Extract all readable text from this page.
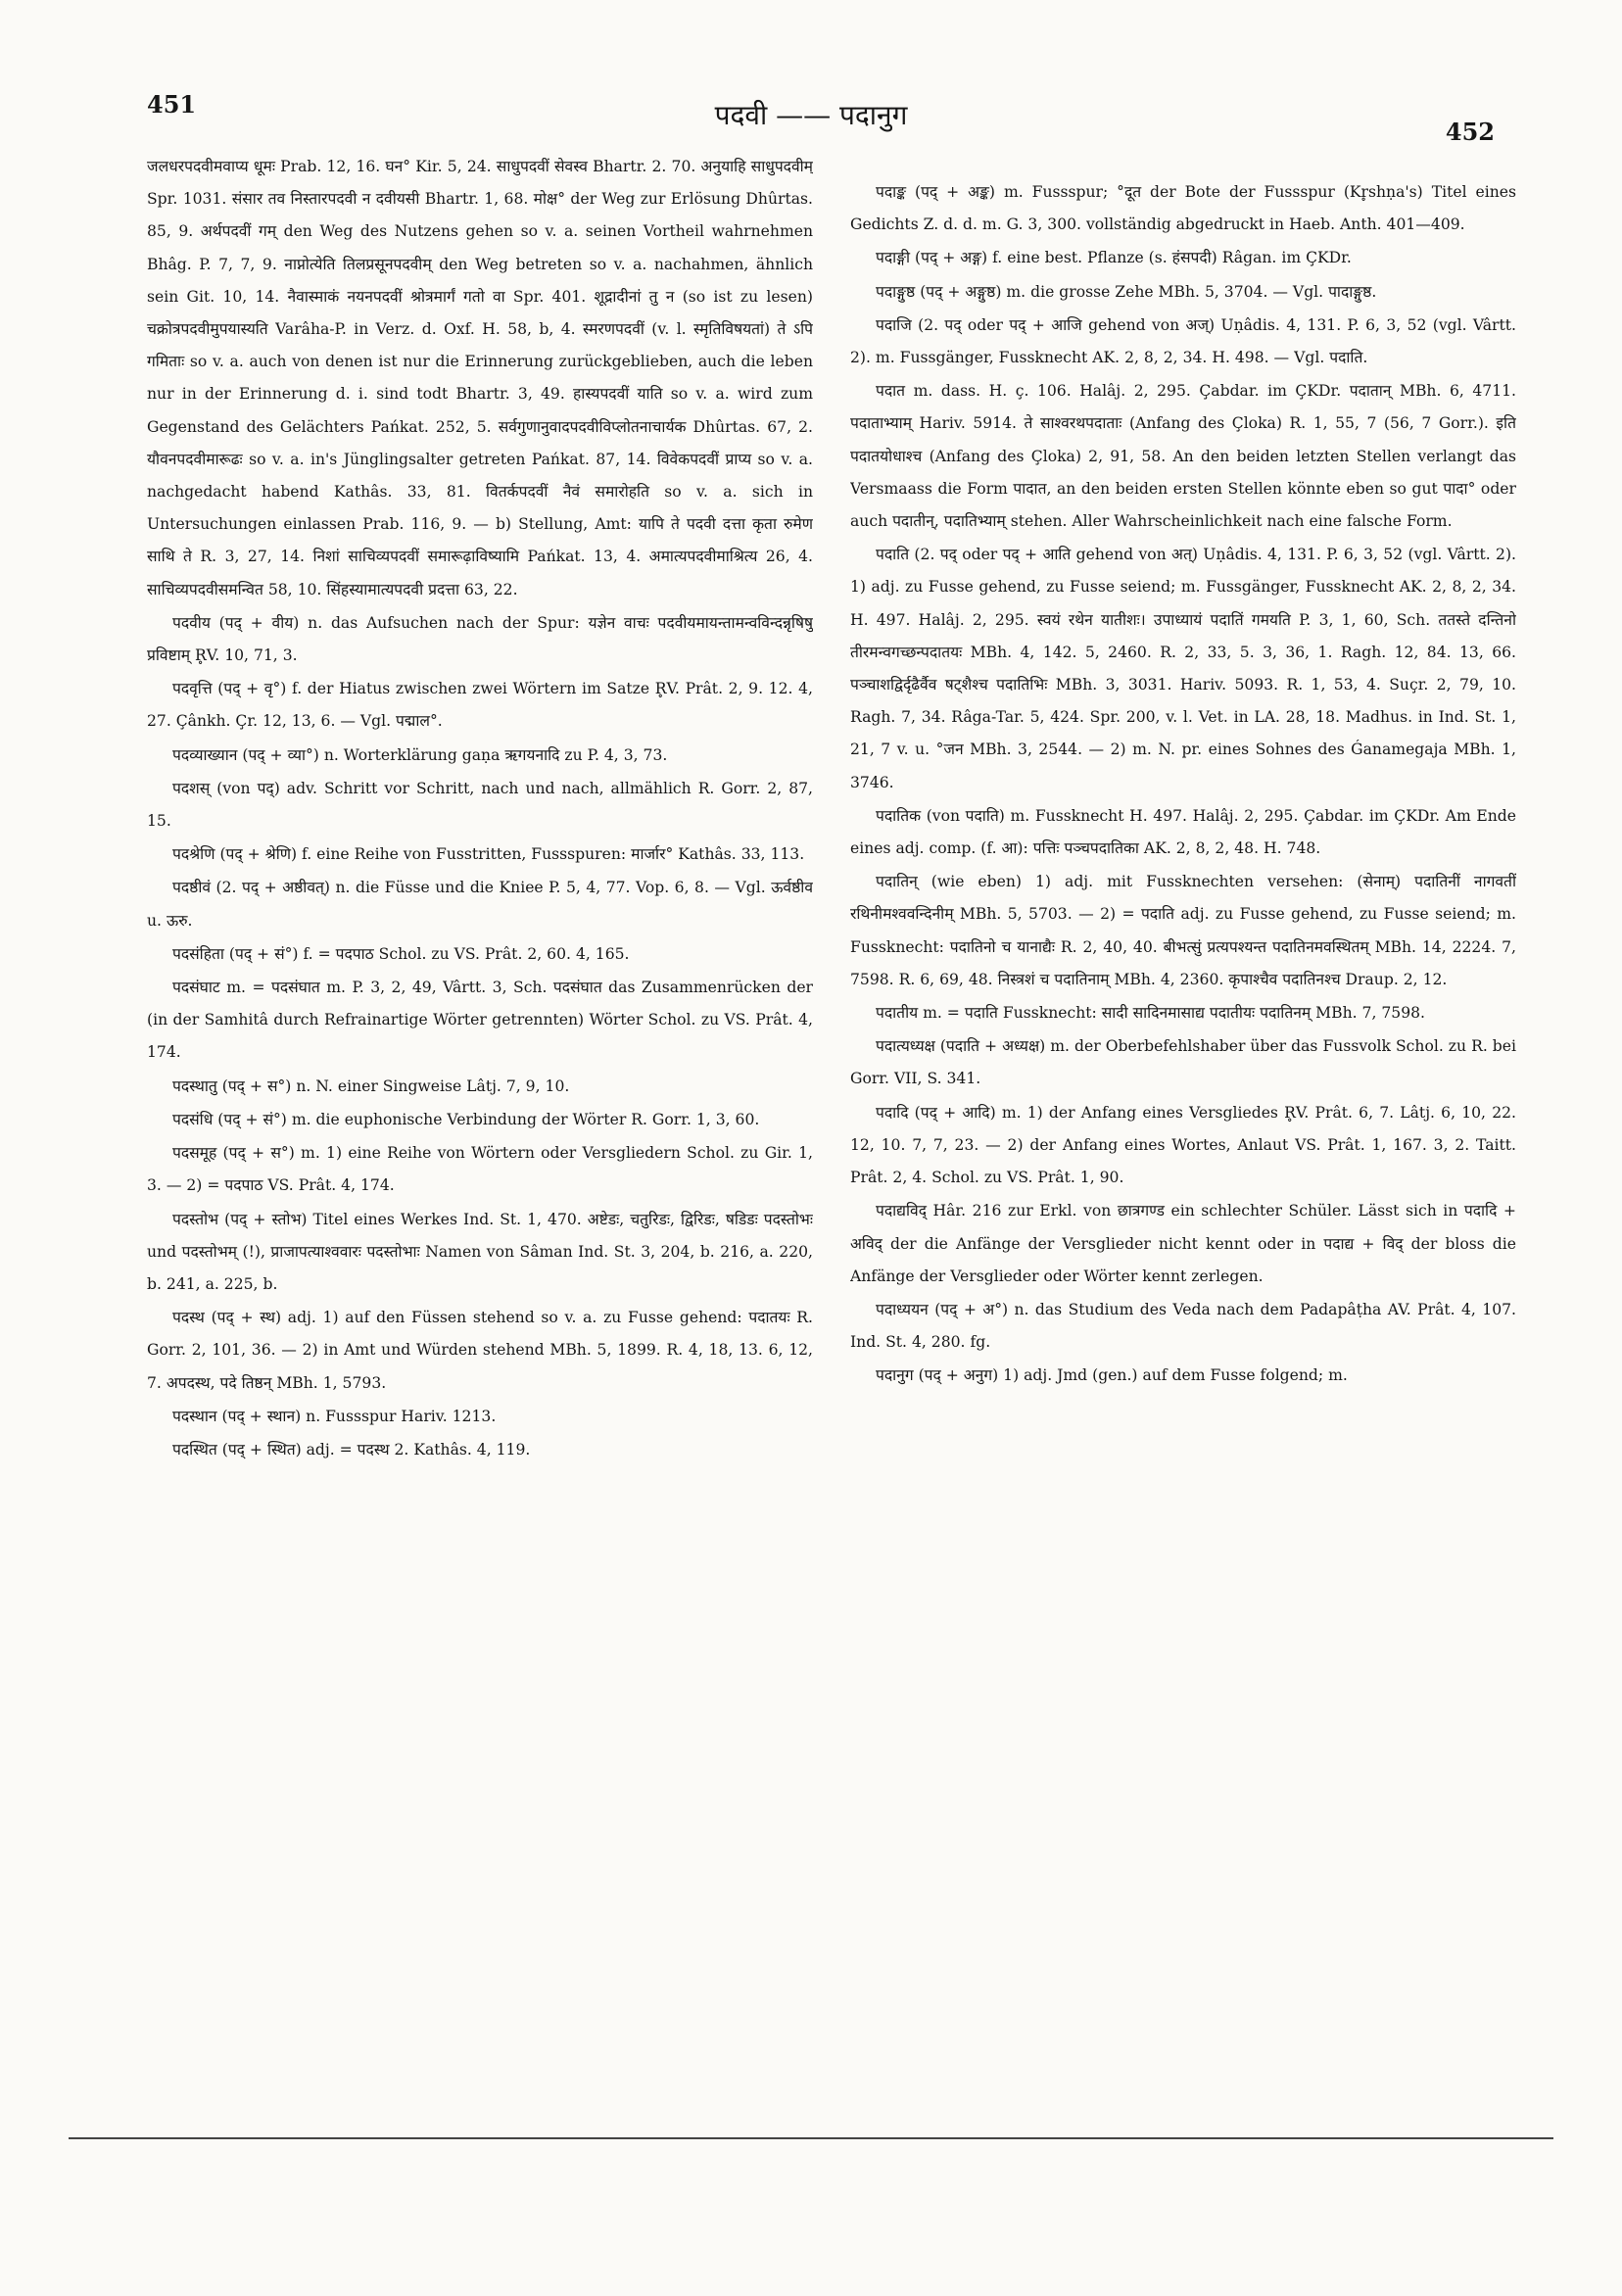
451	पदवी —— पदानुग
452

जलधरपदवीमवाप्य धूमः Prab. 12, 16. घन° Kir. 5, 24. साधुपदवीं सेवस्व Bhartr. 2. 70. अनुयाहि साधुपदवीम् Spr. 1031. संसार तव निस्तारपदवी न दवीयसी Bhartr. 1, 68. मोक्ष° der Weg zur Erlösung Dhûrtas. 85, 9. अर्थपदवीं गम् den Weg des Nutzens gehen so v. a. seinen Vortheil wahrnehmen Bhâg. P. 7, 7, 9. नाप्नोत्येति तिलप्रसूनपदवीम् den Weg betreten so v. a. nachahmen, ähnlich sein Git. 10, 14. नैवास्माकं नयनपदवीं श्रोत्रमार्गं गतो वा Spr. 401. शूद्रादीनां तु न (so ist zu lesen) चक्रोत्रपदवीमुपयास्यति Varâha-P. in Verz. d. Oxf. H. 58, b, 4. स्मरणपदवीं (v. l. स्मृतिविषयतां) ते ऽपि गमिताः so v. a. auch von denen ist nur die Erinnerung zurückgeblieben, auch die leben nur in der Erinnerung d. i. sind todt Bhartr. 3, 49. हास्यपदवीं याति so v. a. wird zum Gegenstand des Gelächters Pańkat. 252, 5. सर्वगुणानुवादपदवीविप्लोतनाचार्यक Dhûrtas. 67, 2. यौवनपदवीमारूढः so v. a. in's Jünglingsalter getreten Pańkat. 87, 14. विवेकपदवीं प्राप्य so v. a. nachgedacht habend Kathâs. 33, 81. वितर्कपदवीं नैवं समारोहति so v. a. sich in Untersuchungen einlassen Prab. 116, 9. — b) Stellung, Amt: यापि ते पदवी दत्ता कृता रुमेण साथि ते R. 3, 27, 14. निशां साचिव्यपदवीं समारूढ़ाविष्यामि Pańkat. 13, 4. अमात्यपदवीमाश्रित्य 26, 4. साचिव्यपदवीसमन्वित 58, 10. सिंहस्यामात्यपदवी प्रदत्ता 63, 22.

पदवीय (पद् + वीय) n. das Aufsuchen nach der Spur: यज्ञेन वाचः पदवीयमायन्तामन्वविन्दन्नृषिषु प्रविष्टाम् R̥V. 10, 71, 3.

पदवृत्ति (पद् + वृ°) f. der Hiatus zwischen zwei Wörtern im Satze R̥V. Prât. 2, 9. 12. 4, 27. Çânkh. Çr. 12, 13, 6. — Vgl. पद्माल°.

पदव्याख्यान (पद् + व्या°) n. Worterklärung gaṇa ऋगयनादि zu P. 4, 3, 73.

पदशस् (von पद्) adv. Schritt vor Schritt, nach und nach, allmählich R. Gorr. 2, 87, 15.

पदश्रेणि (पद् + श्रेणि) f. eine Reihe von Fusstritten, Fussspuren: मार्जार° Kathâs. 33, 113.

पदष्ठीवं (2. पद् + अष्ठीवत्) n. die Füsse und die Kniee P. 5, 4, 77. Vop. 6, 8. — Vgl. ऊर्वष्ठीव u. ऊरु.

पदसंहिता (पद् + सं°) f. = पदपाठ Schol. zu VS. Prât. 2, 60. 4, 165.

पदसंघाट m. = पदसंघात m. P. 3, 2, 49, Vârtt. 3, Sch. पदसंघात das Zusammenrücken der (in der Samhitâ durch Refrainartige Wörter getrennten) Wörter Schol. zu VS. Prât. 4, 174.

पदस्थातु (पद् + स°) n. N. einer Singweise Lâtj. 7, 9, 10.

पदसंधि (पद् + सं°) m. die euphonische Verbindung der Wörter R. Gorr. 1, 3, 60.

पदसमूह (पद् + स°) m. 1) eine Reihe von Wörtern oder Versgliedern Schol. zu Gir. 1, 3. — 2) = पदपाठ VS. Prât. 4, 174.

पदस्तोभ (पद् + स्तोभ) Titel eines Werkes Ind. St. 1, 470. अष्टेडः, चतुरिडः, द्विरिडः, षडिडः पदस्तोभः und पदस्तोभम् (!), प्राजापत्याश्ववारः पदस्तोभाः Namen von Sâman Ind. St. 3, 204, b. 216, a. 220, b. 241, a. 225, b.

पदस्थ (पद् + स्थ) adj. 1) auf den Füssen stehend so v. a. zu Fusse gehend: पदातयः R. Gorr. 2, 101, 36. — 2) in Amt und Würden stehend MBh. 5, 1899. R. 4, 18, 13. 6, 12, 7. अपदस्थ, पदे तिष्ठन् MBh. 1, 5793.

पदस्थान (पद् + स्थान) n. Fussspur Hariv. 1213.

पदस्थित (पद् + स्थित) adj. = पदस्थ 2. Kathâs. 4, 119.

पदाङ्क (पद् + अङ्क) m. Fussspur; °दूत der Bote der Fussspur (Kr̥shṇa's) Titel eines Gedichts Z. d. d. m. G. 3, 300. vollständig abgedruckt in Haeb. Anth. 401—409.

पदाङ्गी (पद् + अङ्ग) f. eine best. Pflanze (s. हंसपदी) Râgan. im ÇKDr.

पदाङ्गुष्ठ (पद् + अङ्गुष्ठ) m. die grosse Zehe MBh. 5, 3704. — Vgl. पादाङ्गुष्ठ.

पदाजि (2. पद् oder पद् + आजि gehend von अज्) Uṇâdis. 4, 131. P. 6, 3, 52 (vgl. Vârtt. 2). m. Fussgänger, Fussknecht AK. 2, 8, 2, 34. H. 498. — Vgl. पदाति.

पदात m. dass. H. ç. 106. Halâj. 2, 295. Çabdar. im ÇKDr. पदातान् MBh. 6, 4711. पदाताभ्याम् Hariv. 5914. ते साश्वरथपदाताः (Anfang des Çloka) R. 1, 55, 7 (56, 7 Gorr.). इति पदातयोधाश्च (Anfang des Çloka) 2, 91, 58. An den beiden letzten Stellen verlangt das Versmaass die Form पादात, an den beiden ersten Stellen könnte eben so gut पादा° oder auch पदातीन्, पदातिभ्याम् stehen. Aller Wahrscheinlichkeit nach eine falsche Form.

पदाति (2. पद् oder पद् + आति gehend von अत्) Uṇâdis. 4, 131. P. 6, 3, 52 (vgl. Vârtt. 2). 1) adj. zu Fusse gehend, zu Fusse seiend; m. Fussgänger, Fussknecht AK. 2, 8, 2, 34. H. 497. Halâj. 2, 295. स्वयं रथेन यातीशः। उपाध्यायं पदातिं गमयति P. 3, 1, 60, Sch. ततस्ते दन्तिनो तीरमन्वगच्छन्पदातयः MBh. 4, 142. 5, 2460. R. 2, 33, 5. 3, 36, 1. Ragh. 12, 84. 13, 66. पञ्चाशद्विर्दृढैर्वैव षट्शैश्च पदातिभिः MBh. 3, 3031. Hariv. 5093. R. 1, 53, 4. Suçr. 2, 79, 10. Ragh. 7, 34. Râga-Tar. 5, 424. Spr. 200, v. l. Vet. in LA. 28, 18. Madhus. in Ind. St. 1, 21, 7 v. u. °जन MBh. 3, 2544. — 2) m. N. pr. eines Sohnes des Ǵanamegaja MBh. 1, 3746.

पदातिक (von पदाति) m. Fussknecht H. 497. Halâj. 2, 295. Çabdar. im ÇKDr. Am Ende eines adj. comp. (f. आ): पत्तिः पञ्चपदातिका AK. 2, 8, 2, 48. H. 748.

पदातिन् (wie eben) 1) adj. mit Fussknechten versehen: (सेनाम्) पदातिनीं नागवतीं रथिनीमश्ववन्दिनीम् MBh. 5, 5703. — 2) = पदाति adj. zu Fusse gehend, zu Fusse seiend; m. Fussknecht: पदातिनो च यानाद्यैः R. 2, 40, 40. बीभत्सुं प्रत्यपश्यन्त पदातिनमवस्थितम् MBh. 14, 2224. 7, 7598. R. 6, 69, 48. निस्त्रशं च पदातिनाम् MBh. 4, 2360. कृपाश्चैव पदातिनश्च Draup. 2, 12.

पदातीय m. = पदाति Fussknecht: सादी सादिनमासाद्य पदातीयः पदातिनम् MBh. 7, 7598.

पदात्यध्यक्ष (पदाति + अध्यक्ष) m. der Oberbefehlshaber über das Fussvolk Schol. zu R. bei Gorr. VII, S. 341.

पदादि (पद् + आदि) m. 1) der Anfang eines Versgliedes R̥V. Prât. 6, 7. Lâtj. 6, 10, 22. 12, 10. 7, 7, 23. — 2) der Anfang eines Wortes, Anlaut VS. Prât. 1, 167. 3, 2. Taitt. Prât. 2, 4. Schol. zu VS. Prât. 1, 90.

पदाद्यविद् Hâr. 216 zur Erkl. von छात्रगण्ड ein schlechter Schüler. Lässt sich in पदादि + अविद् der die Anfänge der Versglieder nicht kennt oder in पदाद्य + विद् der bloss die Anfänge der Versglieder oder Wörter kennt zerlegen.

पदाध्ययन (पद् + अ°) n. das Studium des Veda nach dem Padapâṭha AV. Prât. 4, 107. Ind. St. 4, 280. fg.

पदानुग (पद् + अनुग) 1) adj. Jmd (gen.) auf dem Fusse folgend; m.
